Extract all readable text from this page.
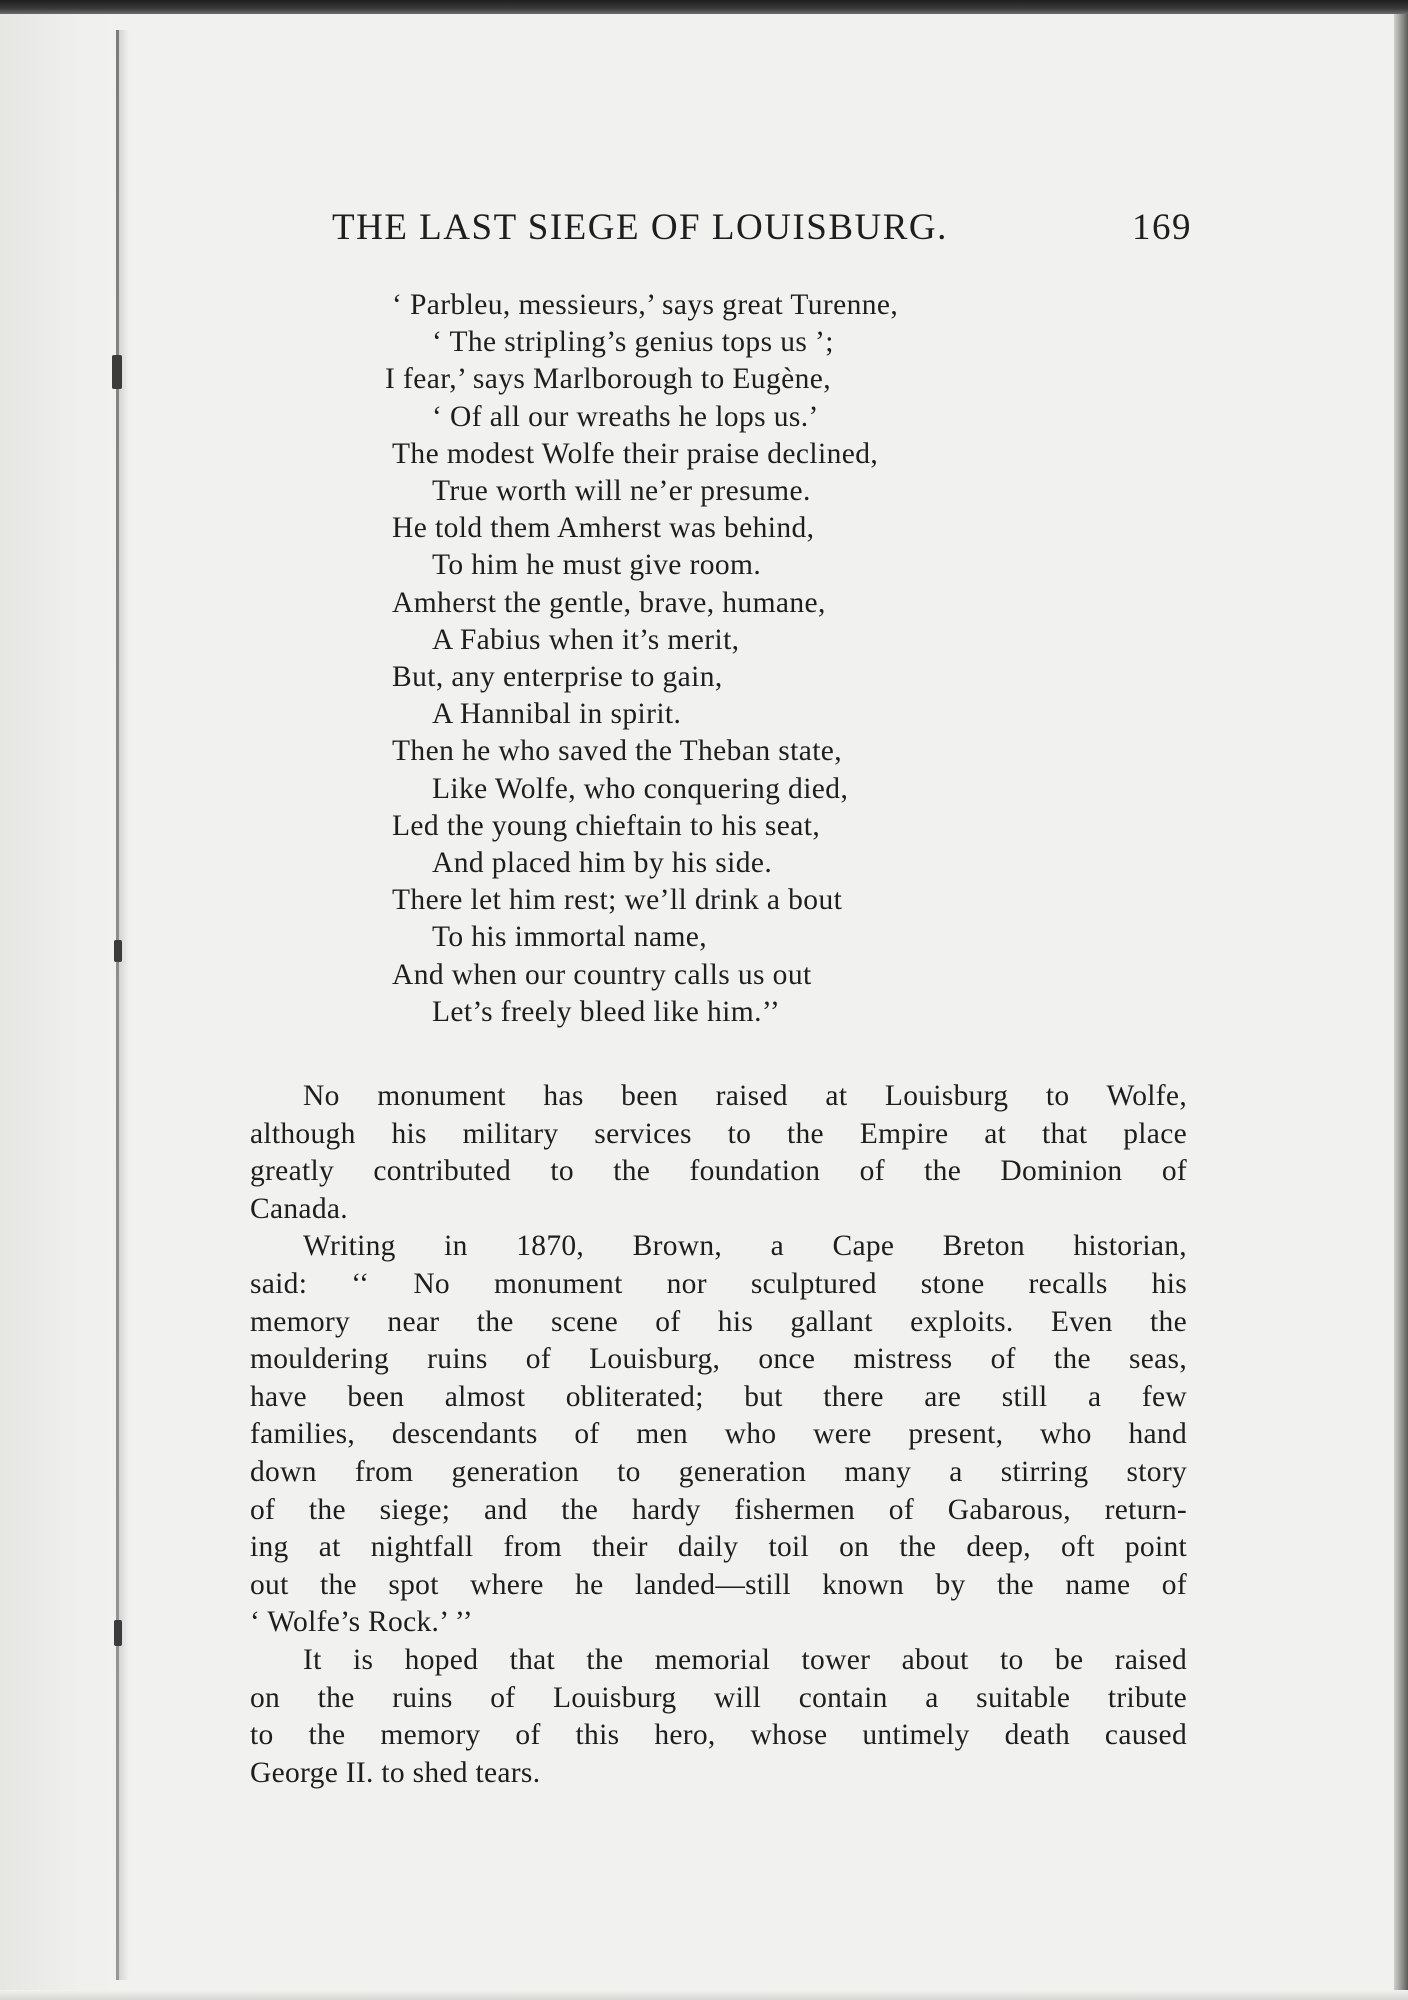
THE LAST SIEGE OF LOUISBURG.	169
‘ Parbleu, messieurs,’ says great Turenne,
‘ The stripling’s genius tops us ’;
I fear,’ says Marlborough to Eugène,
‘ Of all our wreaths he lops us.’
The modest Wolfe their praise declined,
True worth will ne’er presume.
He told them Amherst was behind,
To him he must give room.
Amherst the gentle, brave, humane,
A Fabius when it’s merit,
But, any enterprise to gain,
A Hannibal in spirit.
Then he who saved the Theban state,
Like Wolfe, who conquering died,
Led the young chieftain to his seat,
And placed him by his side.
There let him rest; we’ll drink a bout
To his immortal name,
And when our country calls us out
Let’s freely bleed like him.’’
No monument has been raised at Louisburg to Wolfe,
although his military services to the Empire at that place
greatly contributed to the foundation of the Dominion of
Canada.
Writing in 1870, Brown, a Cape Breton historian,
said: ‘‘ No monument nor sculptured stone recalls his
memory near the scene of his gallant exploits. Even the
mouldering ruins of Louisburg, once mistress of the seas,
have been almost obliterated; but there are still a few
families, descendants of men who were present, who hand
down from generation to generation many a stirring story
of the siege; and the hardy fishermen of Gabarous, return-
ing at nightfall from their daily toil on the deep, oft point
out the spot where he landed—still known by the name of
‘ Wolfe’s Rock.’ ’’
It is hoped that the memorial tower about to be raised
on the ruins of Louisburg will contain a suitable tribute
to the memory of this hero, whose untimely death caused
George II. to shed tears.
